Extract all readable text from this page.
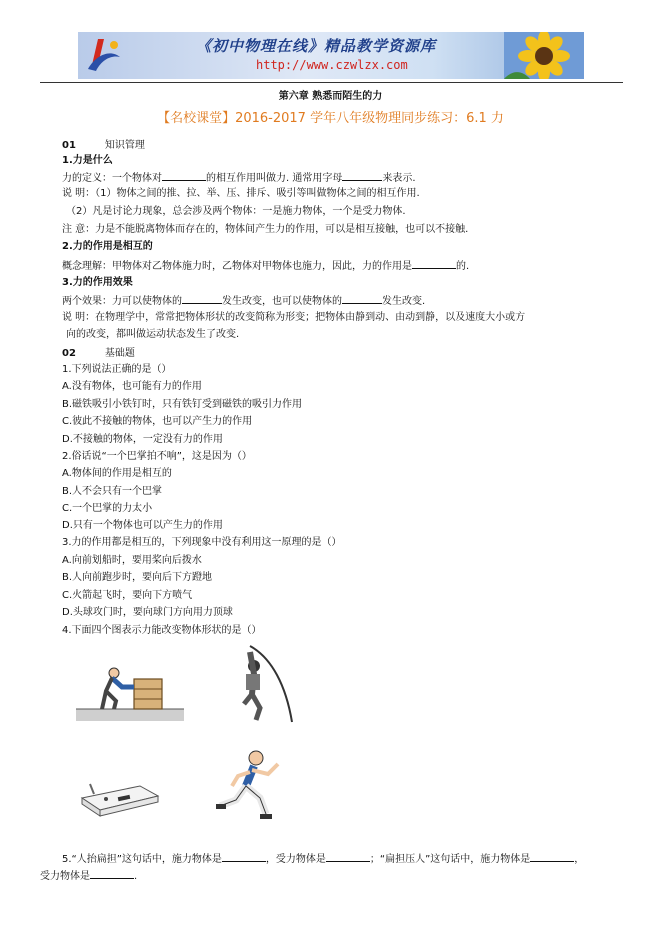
《初中物理在线》精品教学资源库
http://www.czwlzx.com
第六章 熟悉而陌生的力
【名校课堂】2016-2017 学年八年级物理同步练习：6.1 力
01	知识管理
1.力是什么
力的定义：一个物体对	的相互作用叫做力. 通常用字母	来表示.
说 明：（1）物体之间的推、拉、举、压、排斥、吸引等叫做物体之间的相互作用.
（2）凡是讨论力现象，总会涉及两个物体：一是施力物体，一个是受力物体.
注 意：力是不能脱离物体而存在的，物体间产生力的作用，可以是相互接触，也可以不接触.
2.力的作用是相互的
概念理解：甲物体对乙物体施力时，乙物体对甲物体也施力，因此，力的作用是	的.
3.力的作用效果
两个效果：力可以使物体的	发生改变，也可以使物体的	发生改变.
说 明：在物理学中，常常把物体形状的改变简称为形变；把物体由静到动、由动到静，以及速度大小或方
向的改变，都叫做运动状态发生了改变.
02	基础题
1.下列说法正确的是（）
A.没有物体，也可能有力的作用
B.磁铁吸引小铁钉时，只有铁钉受到磁铁的吸引力作用
C.彼此不接触的物体，也可以产生力的作用
D.不接触的物体，一定没有力的作用
2.俗话说“一个巴掌拍不响”，这是因为（）
A.物体间的作用是相互的
B.人不会只有一个巴掌
C.一个巴掌的力太小
D.只有一个物体也可以产生力的作用
3.力的作用都是相互的，下列现象中没有利用这一原理的是（）
A.向前划船时，要用桨向后拨水
B.人向前跑步时，要向后下方蹬地
C.火箭起飞时，要向下方喷气
D.头球攻门时，要向球门方向用力顶球
4.下面四个图表示力能改变物体形状的是（）
5.“人抬扁担”这句话中，施力物体是	，受力物体是	；“扁担压人”这句话中，施力物体是	，
受力物体是	.
